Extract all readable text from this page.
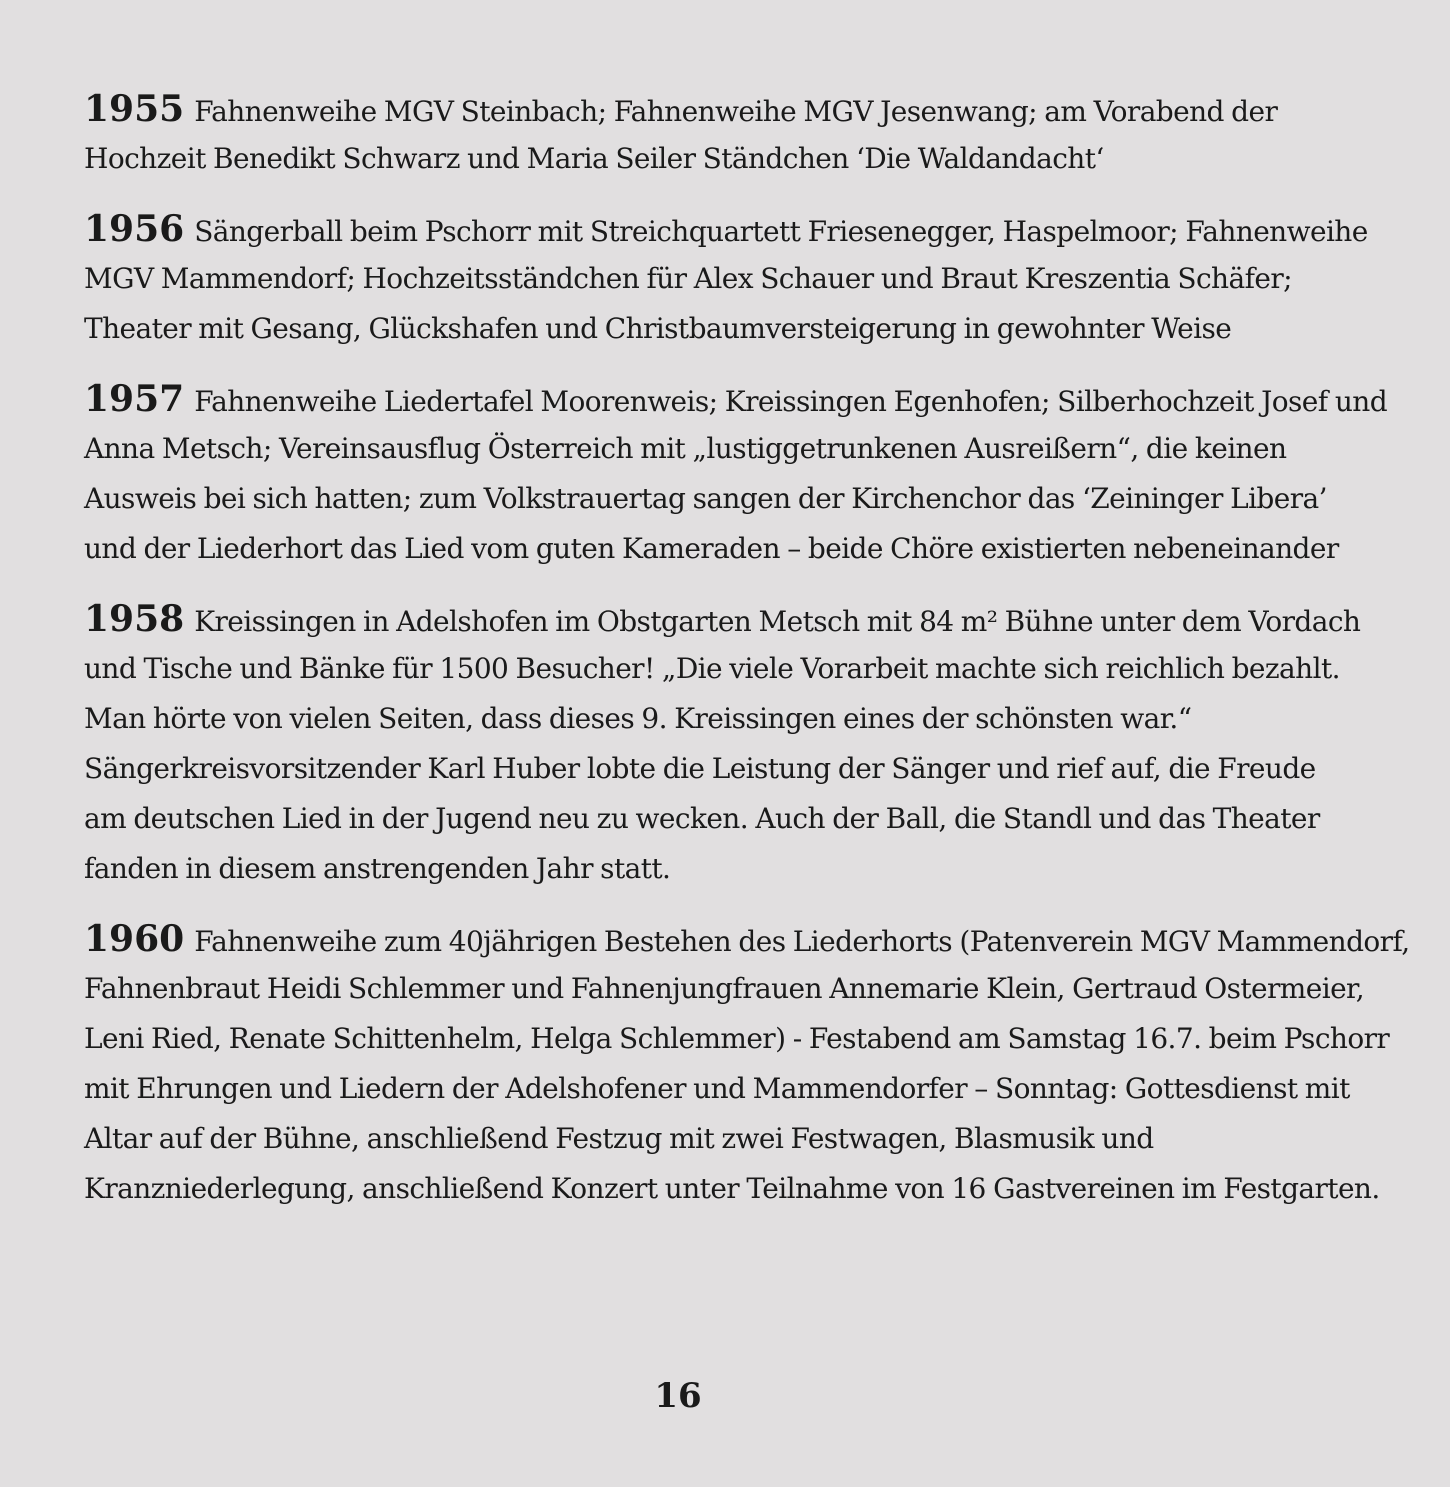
1955 Fahnenweihe MGV Steinbach; Fahnenweihe MGV Jesenwang; am Vorabend der
Hochzeit Benedikt Schwarz und Maria Seiler Ständchen ‘Die Waldandacht‘
1956 Sängerball beim Pschorr mit Streichquartett Friesenegger, Haspelmoor; Fahnenweihe
MGV Mammendorf; Hochzeitsständchen für Alex Schauer und Braut Kreszentia Schäfer;
Theater mit Gesang, Glückshafen und Christbaumversteigerung in gewohnter Weise
1957 Fahnenweihe Liedertafel Moorenweis; Kreissingen Egenhofen; Silberhochzeit Josef und
Anna Metsch; Vereinsausflug Österreich mit „lustiggetrunkenen Ausreißern“, die keinen
Ausweis bei sich hatten; zum Volkstrauertag sangen der Kirchenchor das ‘Zeininger Libera’
und der Liederhort das Lied vom guten Kameraden – beide Chöre existierten nebeneinander
1958 Kreissingen in Adelshofen im Obstgarten Metsch mit 84 m² Bühne unter dem Vordach
und Tische und Bänke für 1500 Besucher! „Die viele Vorarbeit machte sich reichlich bezahlt.
Man hörte von vielen Seiten, dass dieses 9. Kreissingen eines der schönsten war.“
Sängerkreisvorsitzender Karl Huber lobte die Leistung der Sänger und rief auf, die Freude
am deutschen Lied in der Jugend neu zu wecken. Auch der Ball, die Standl und das Theater
fanden in diesem anstrengenden Jahr statt.
1960 Fahnenweihe zum 40jährigen Bestehen des Liederhorts (Patenverein MGV Mammendorf,
Fahnenbraut Heidi Schlemmer und Fahnenjungfrauen Annemarie Klein, Gertraud Ostermeier,
Leni Ried, Renate Schittenhelm, Helga Schlemmer) - Festabend am Samstag 16.7. beim Pschorr
mit Ehrungen und Liedern der Adelshofener und Mammendorfer – Sonntag: Gottesdienst mit
Altar auf der Bühne, anschließend Festzug mit zwei Festwagen, Blasmusik und
Kranzniederlegung, anschließend Konzert unter Teilnahme von 16 Gastvereinen im Festgarten.
16
